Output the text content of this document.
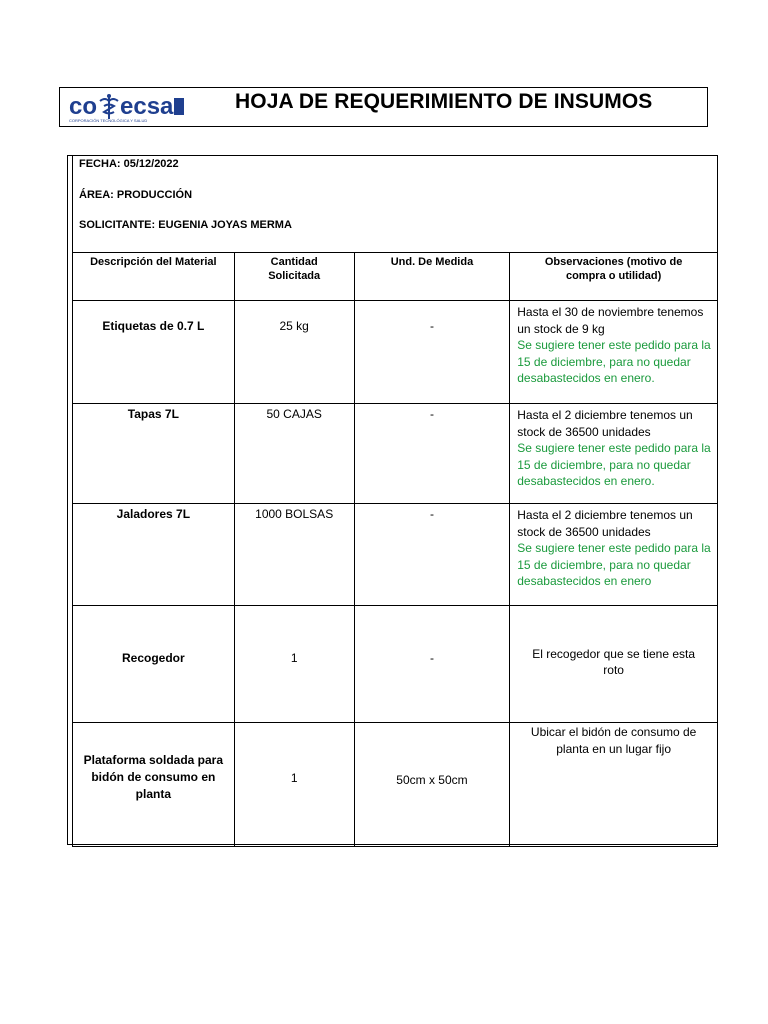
co ecsa
CORPORACIÓN TECNOLÓGICA Y SALUD
HOJA DE REQUERIMIENTO DE INSUMOS
FECHA: 05/12/2022
ÁREA: PRODUCCIÓN
SOLICITANTE: EUGENIA JOYAS MERMA
Descripción del Material	Cantidad Solicitada	Und. De Medida	Observaciones (motivo de compra o utilidad)
Etiquetas de 0.7 L	25 kg	-	Hasta el 30 de noviembre tenemos un stock de 9 kg
Se sugiere tener este pedido para la 15 de diciembre, para no quedar desabastecidos en enero.

Tapas 7L	50 CAJAS	-	Hasta el 2 diciembre tenemos un stock de 36500 unidades
Se sugiere tener este pedido para la 15 de diciembre, para no quedar desabastecidos en enero.

Jaladores 7L	1000 BOLSAS	-	Hasta el 2 diciembre tenemos un stock de 36500 unidades
Se sugiere tener este pedido para la 15 de diciembre, para no quedar desabastecidos en enero

Recogedor	1	-	El recogedor que se tiene esta roto

Plataforma soldada para bidón de consumo en planta	1	50cm x 50cm	Ubicar el bidón de consumo de planta en un lugar fijo
